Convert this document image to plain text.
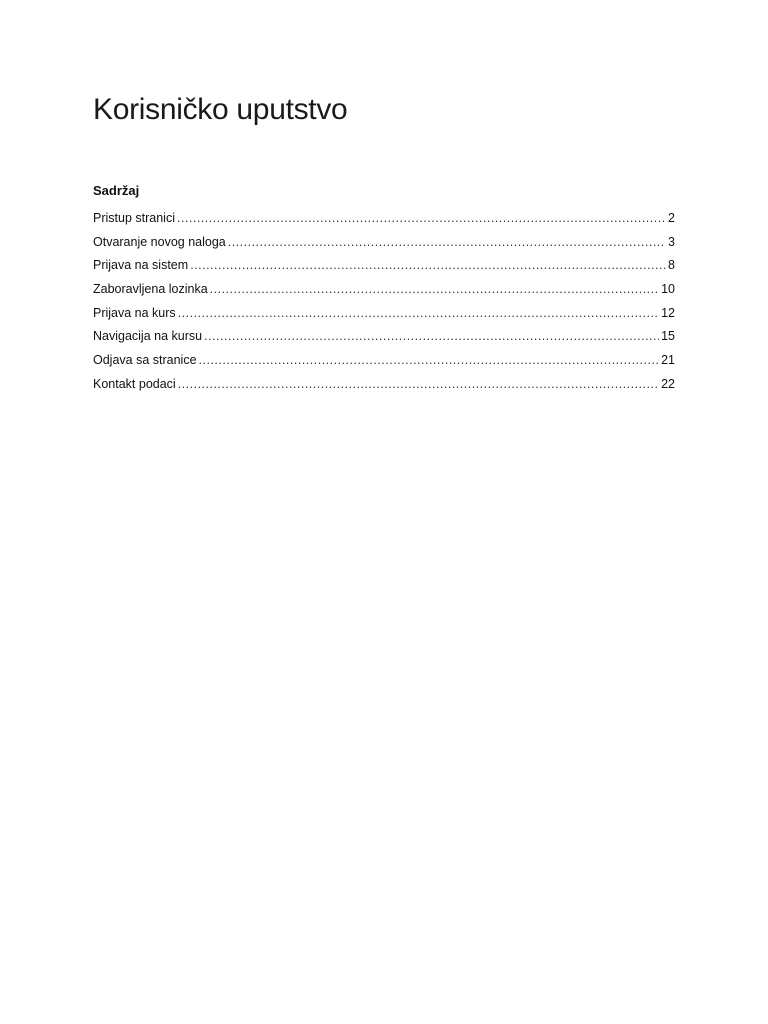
Korisničko uputstvo
Sadržaj
Pristup stranici .....	2
Otvaranje novog naloga .....	3
Prijava na sistem .....	8
Zaboravljena lozinka .....	10
Prijava na kurs .....	12
Navigacija na kursu .....	15
Odjava sa stranice .....	21
Kontakt podaci .....	22
